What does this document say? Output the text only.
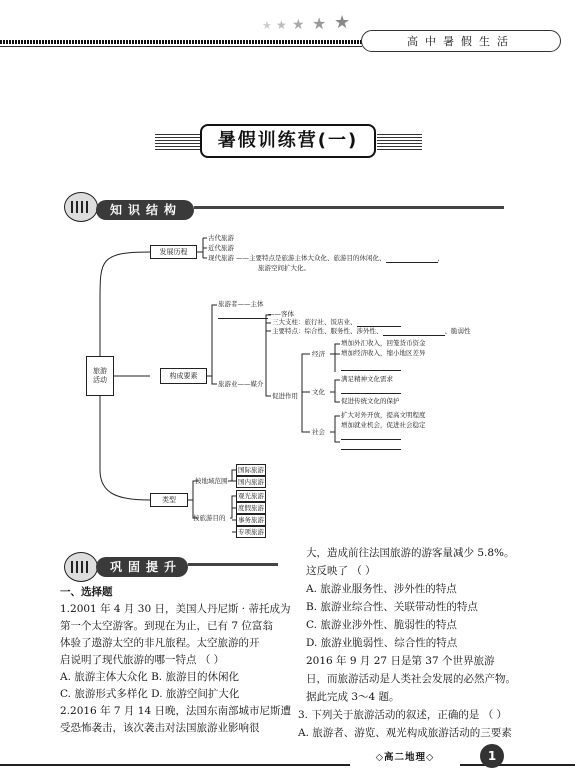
★ ★ ★ ★ ★
高中暑假生活
暑假训练营(一)
知识结构
旅游活动
发展历程
古代旅游
近代旅游
现代旅游 ——主要特点是旅游主体大众化、旅游目的休闲化、	，
旅游空间扩大化。
构成要素
旅游者——主体
——客体
三大支柱：旅行社、饭店业、
主要特点：综合性、服务性、涉外性、	、脆弱性
旅游业——媒介
促进作用
经济
增加外汇收入，回笼货币资金
增加经济收入，缩小地区差异
文化
满足精神文化需求
促进传统文化的保护
社会
扩大对外开放，提高文明程度
增加就业机会，促进社会稳定
类型
按地域范围
国际旅游
国内旅游
按旅游目的
观光旅游
度假旅游
事务旅游
专项旅游
巩固提升
一、选择题
1.2001 年 4 月 30 日，美国人丹尼斯 · 蒂托成为
第一个太空游客。到现在为止，已有 7 位富翁
体验了遨游太空的非凡旅程。太空旅游的开
启说明了现代旅游的哪一特点 （ ）
A. 旅游主体大众化 B. 旅游目的休闲化
C. 旅游形式多样化 D. 旅游空间扩大化
2.2016 年 7 月 14 日晚，法国东南部城市尼斯遭
受恐怖袭击，该次袭击对法国旅游业影响很
大，造成前往法国旅游的游客量减少 5.8%。
这反映了 （ ）
A. 旅游业服务性、涉外性的特点
B. 旅游业综合性、关联带动性的特点
C. 旅游业涉外性、脆弱性的特点
D. 旅游业脆弱性、综合性的特点
2016 年 9 月 27 日是第 37 个世界旅游
日，而旅游活动是人类社会发展的必然产物。
据此完成 3～4 题。
3. 下列关于旅游活动的叙述，正确的是 （ ）
A. 旅游者、游览、观光构成旅游活动的三要素
◇高二地理◇	1
